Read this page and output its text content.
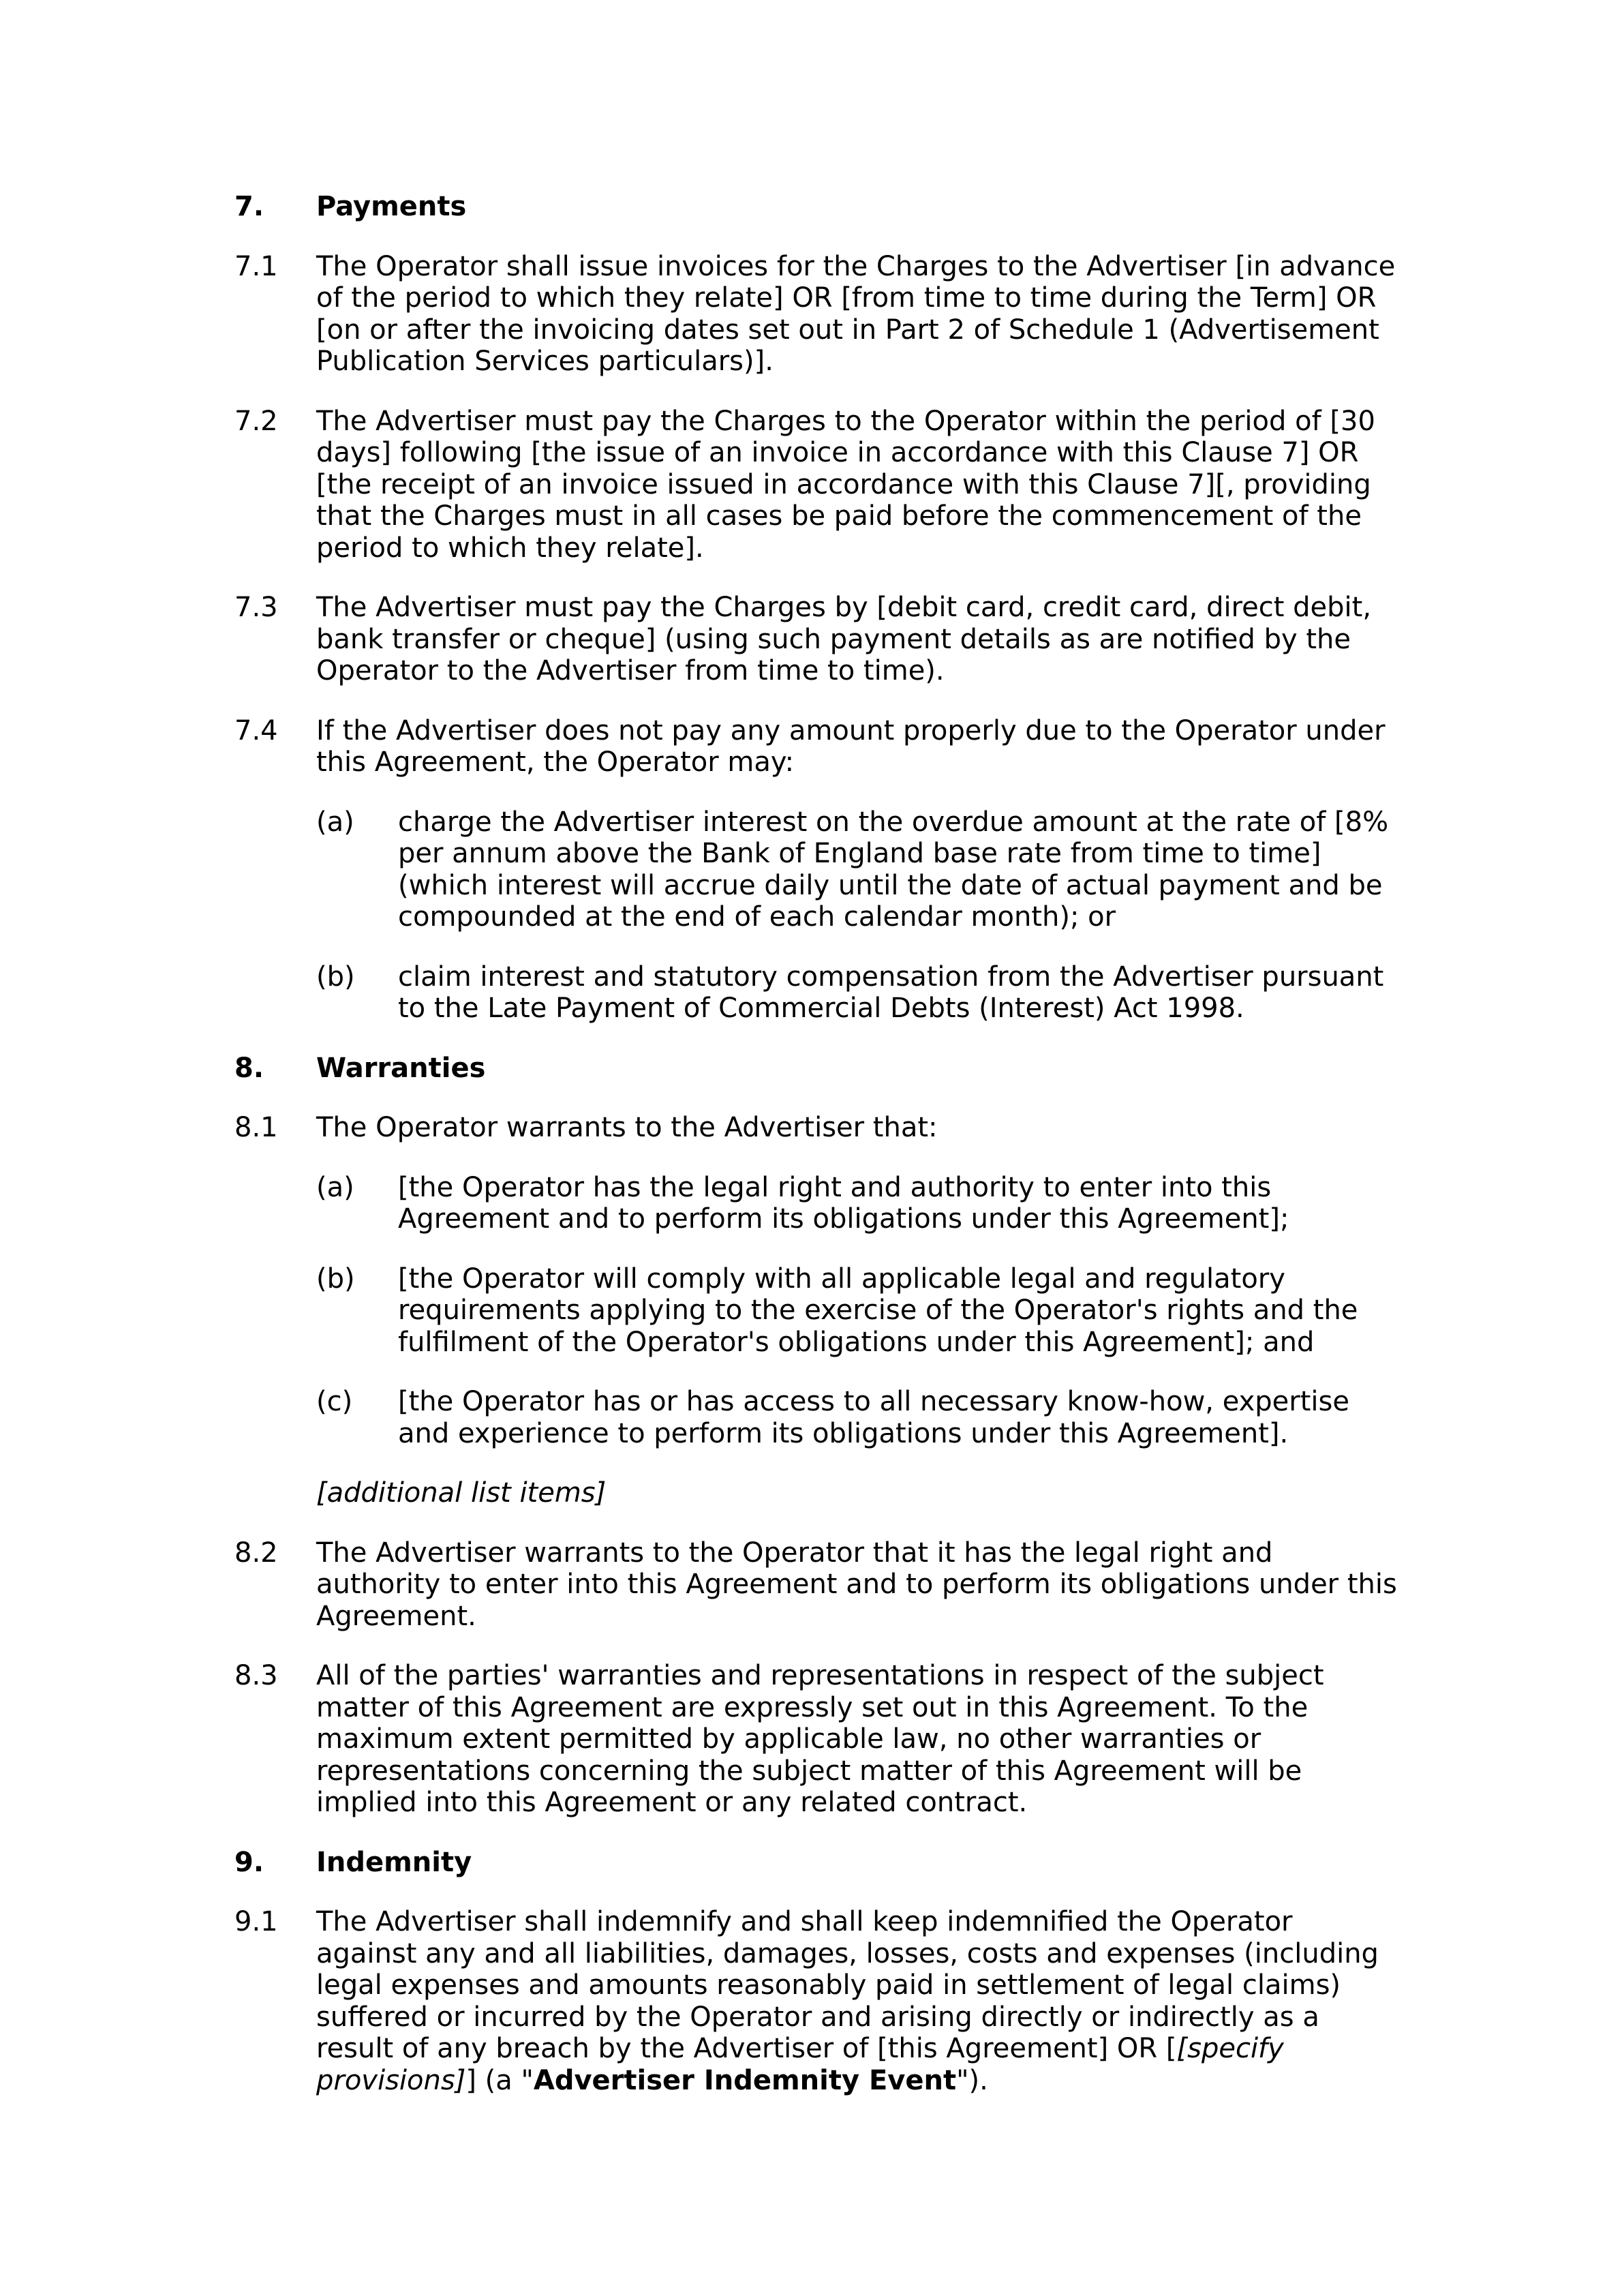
7.	Payments
7.1	The Operator shall issue invoices for the Charges to the Advertiser [in advance of the period to which they relate] OR [from time to time during the Term] OR [on or after the invoicing dates set out in Part 2 of Schedule 1 (Advertisement Publication Services particulars)].
7.2	The Advertiser must pay the Charges to the Operator within the period of [30 days] following [the issue of an invoice in accordance with this Clause 7] OR [the receipt of an invoice issued in accordance with this Clause 7][, providing that the Charges must in all cases be paid before the commencement of the period to which they relate].
7.3	The Advertiser must pay the Charges by [debit card, credit card, direct debit, bank transfer or cheque] (using such payment details as are notified by the Operator to the Advertiser from time to time).
7.4	If the Advertiser does not pay any amount properly due to the Operator under this Agreement, the Operator may:
(a)	charge the Advertiser interest on the overdue amount at the rate of [8% per annum above the Bank of England base rate from time to time] (which interest will accrue daily until the date of actual payment and be compounded at the end of each calendar month); or
(b)	claim interest and statutory compensation from the Advertiser pursuant to the Late Payment of Commercial Debts (Interest) Act 1998.
8.	Warranties
8.1	The Operator warrants to the Advertiser that:
(a)	[the Operator has the legal right and authority to enter into this Agreement and to perform its obligations under this Agreement];
(b)	[the Operator will comply with all applicable legal and regulatory requirements applying to the exercise of the Operator's rights and the fulfilment of the Operator's obligations under this Agreement]; and
(c)	[the Operator has or has access to all necessary know-how, expertise and experience to perform its obligations under this Agreement].
[additional list items]
8.2	The Advertiser warrants to the Operator that it has the legal right and authority to enter into this Agreement and to perform its obligations under this Agreement.
8.3	All of the parties' warranties and representations in respect of the subject matter of this Agreement are expressly set out in this Agreement. To the maximum extent permitted by applicable law, no other warranties or representations concerning the subject matter of this Agreement will be implied into this Agreement or any related contract.
9.	Indemnity
9.1	The Advertiser shall indemnify and shall keep indemnified the Operator against any and all liabilities, damages, losses, costs and expenses (including legal expenses and amounts reasonably paid in settlement of legal claims) suffered or incurred by the Operator and arising directly or indirectly as a result of any breach by the Advertiser of [this Agreement] OR [[specify provisions]] (a "Advertiser Indemnity Event").
